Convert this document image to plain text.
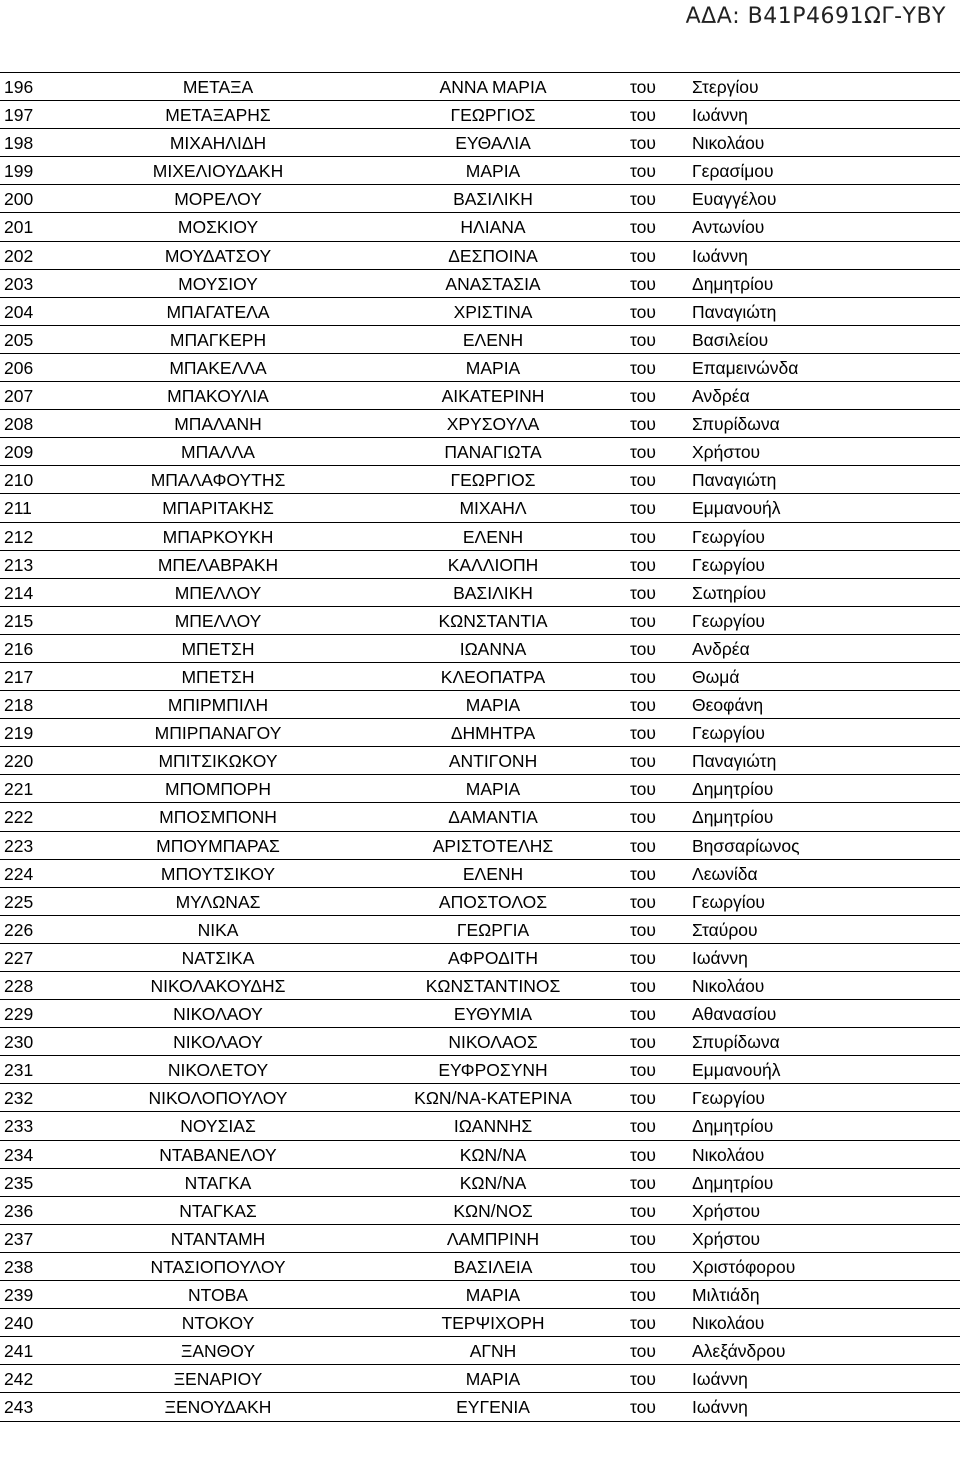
ΑΔΑ: Β41Ρ4691ΩΓ-ΥΒΥ
196	ΜΕΤΑΞΑ	ΑΝΝΑ ΜΑΡΙΑ	του Στεργίου
197	ΜΕΤΑΞΑΡΗΣ	ΓΕΩΡΓΙΟΣ	του Ιωάννη
198	ΜΙΧΑΗΛΙΔΗ	ΕΥΘΑΛΙΑ	του Νικολάου
199	ΜΙΧΕΛΙΟΥΔΑΚΗ	ΜΑΡΙΑ	του Γερασίμου
200	ΜΟΡΕΛΟΥ	ΒΑΣΙΛΙΚΗ	του Ευαγγέλου
201	ΜΟΣΚΙΟΥ	ΗΛΙΑΝΑ	του Αντωνίου
202	ΜΟΥΔΑΤΣΟΥ	ΔΕΣΠΟΙΝΑ	του Ιωάννη
203	ΜΟΥΣΙΟΥ	ΑΝΑΣΤΑΣΙΑ	του Δημητρίου
204	ΜΠΑΓΑΤΕΛΑ	ΧΡΙΣΤΙΝΑ	του Παναγιώτη
205	ΜΠΑΓΚΕΡΗ	ΕΛΕΝΗ	του Βασιλείου
206	ΜΠΑΚΕΛΛΑ	ΜΑΡΙΑ	του Επαμεινώνδα
207	ΜΠΑΚΟΥΛΙΑ	ΑΙΚΑΤΕΡΙΝΗ	του Ανδρέα
208	ΜΠΑΛΑΝΗ	ΧΡΥΣΟΥΛΑ	του Σπυρίδωνα
209	ΜΠΑΛΛΑ	ΠΑΝΑΓΙΩΤΑ	του Χρήστου
210	ΜΠΑΛΑΦΟΥΤΗΣ	ΓΕΩΡΓΙΟΣ	του Παναγιώτη
211	ΜΠΑΡΙΤΑΚΗΣ	ΜΙΧΑΗΛ	του Εμμανουήλ
212	ΜΠΑΡΚΟΥΚΗ	ΕΛΕΝΗ	του Γεωργίου
213	ΜΠΕΛΑΒΡΑΚΗ	ΚΑΛΛΙΟΠΗ	του Γεωργίου
214	ΜΠΕΛΛΟΥ	ΒΑΣΙΛΙΚΗ	του Σωτηρίου
215	ΜΠΕΛΛΟΥ	ΚΩΝΣΤΑΝΤΙΑ	του Γεωργίου
216	ΜΠΕΤΣΗ	ΙΩΑΝΝΑ	του Ανδρέα
217	ΜΠΕΤΣΗ	ΚΛΕΟΠΑΤΡΑ	του Θωμά
218	ΜΠΙΡΜΠΙΛΗ	ΜΑΡΙΑ	του Θεοφάνη
219	ΜΠΙΡΠΑΝΑΓΟΥ	ΔΗΜΗΤΡΑ	του Γεωργίου
220	ΜΠΙΤΣΙΚΩΚΟΥ	ΑΝΤΙΓΟΝΗ	του Παναγιώτη
221	ΜΠΟΜΠΟΡΗ	ΜΑΡΙΑ	του Δημητρίου
222	ΜΠΟΣΜΠΟΝΗ	ΔΑΜΑΝΤΙΑ	του Δημητρίου
223	ΜΠΟΥΜΠΑΡΑΣ	ΑΡΙΣΤΟΤΕΛΗΣ	του Βησσαρίωνος
224	ΜΠΟΥΤΣΙΚΟΥ	ΕΛΕΝΗ	του Λεωνίδα
225	ΜΥΛΩΝΑΣ	ΑΠΟΣΤΟΛΟΣ	του Γεωργίου
226	ΝΙΚΑ	ΓΕΩΡΓΙΑ	του Σταύρου
227	ΝΑΤΣΙΚΑ	ΑΦΡΟΔΙΤΗ	του Ιωάννη
228	ΝΙΚΟΛΑΚΟΥΔΗΣ	ΚΩΝΣΤΑΝΤΙΝΟΣ	του Νικολάου
229	ΝΙΚΟΛΑΟΥ	ΕΥΘΥΜΙΑ	του Αθανασίου
230	ΝΙΚΟΛΑΟΥ	ΝΙΚΟΛΑΟΣ	του Σπυρίδωνα
231	ΝΙΚΟΛΕΤΟΥ	ΕΥΦΡΟΣΥΝΗ	του Εμμανουήλ
232	ΝΙΚΟΛΟΠΟΥΛΟΥ	ΚΩΝ/ΝΑ-ΚΑΤΕΡΙΝΑ	του Γεωργίου
233	ΝΟΥΣΙΑΣ	ΙΩΑΝΝΗΣ	του Δημητρίου
234	ΝΤΑΒΑΝΕΛΟΥ	ΚΩΝ/ΝΑ	του Νικολάου
235	ΝΤΑΓΚΑ	ΚΩΝ/ΝΑ	του Δημητρίου
236	ΝΤΑΓΚΑΣ	ΚΩΝ/ΝΟΣ	του Χρήστου
237	ΝΤΑΝΤΑΜΗ	ΛΑΜΠΡΙΝΗ	του Χρήστου
238	ΝΤΑΣΙΟΠΟΥΛΟΥ	ΒΑΣΙΛΕΙΑ	του Χριστόφορου
239	ΝΤΟΒΑ	ΜΑΡΙΑ	του Μιλτιάδη
240	ΝΤΟΚΟΥ	ΤΕΡΨΙΧΟΡΗ	του Νικολάου
241	ΞΑΝΘΟΥ	ΑΓΝΗ	του Αλεξάνδρου
242	ΞΕΝΑΡΙΟΥ	ΜΑΡΙΑ	του Ιωάννη
243	ΞΕΝΟΥΔΑΚΗ	ΕΥΓΕΝΙΑ	του Ιωάννη
